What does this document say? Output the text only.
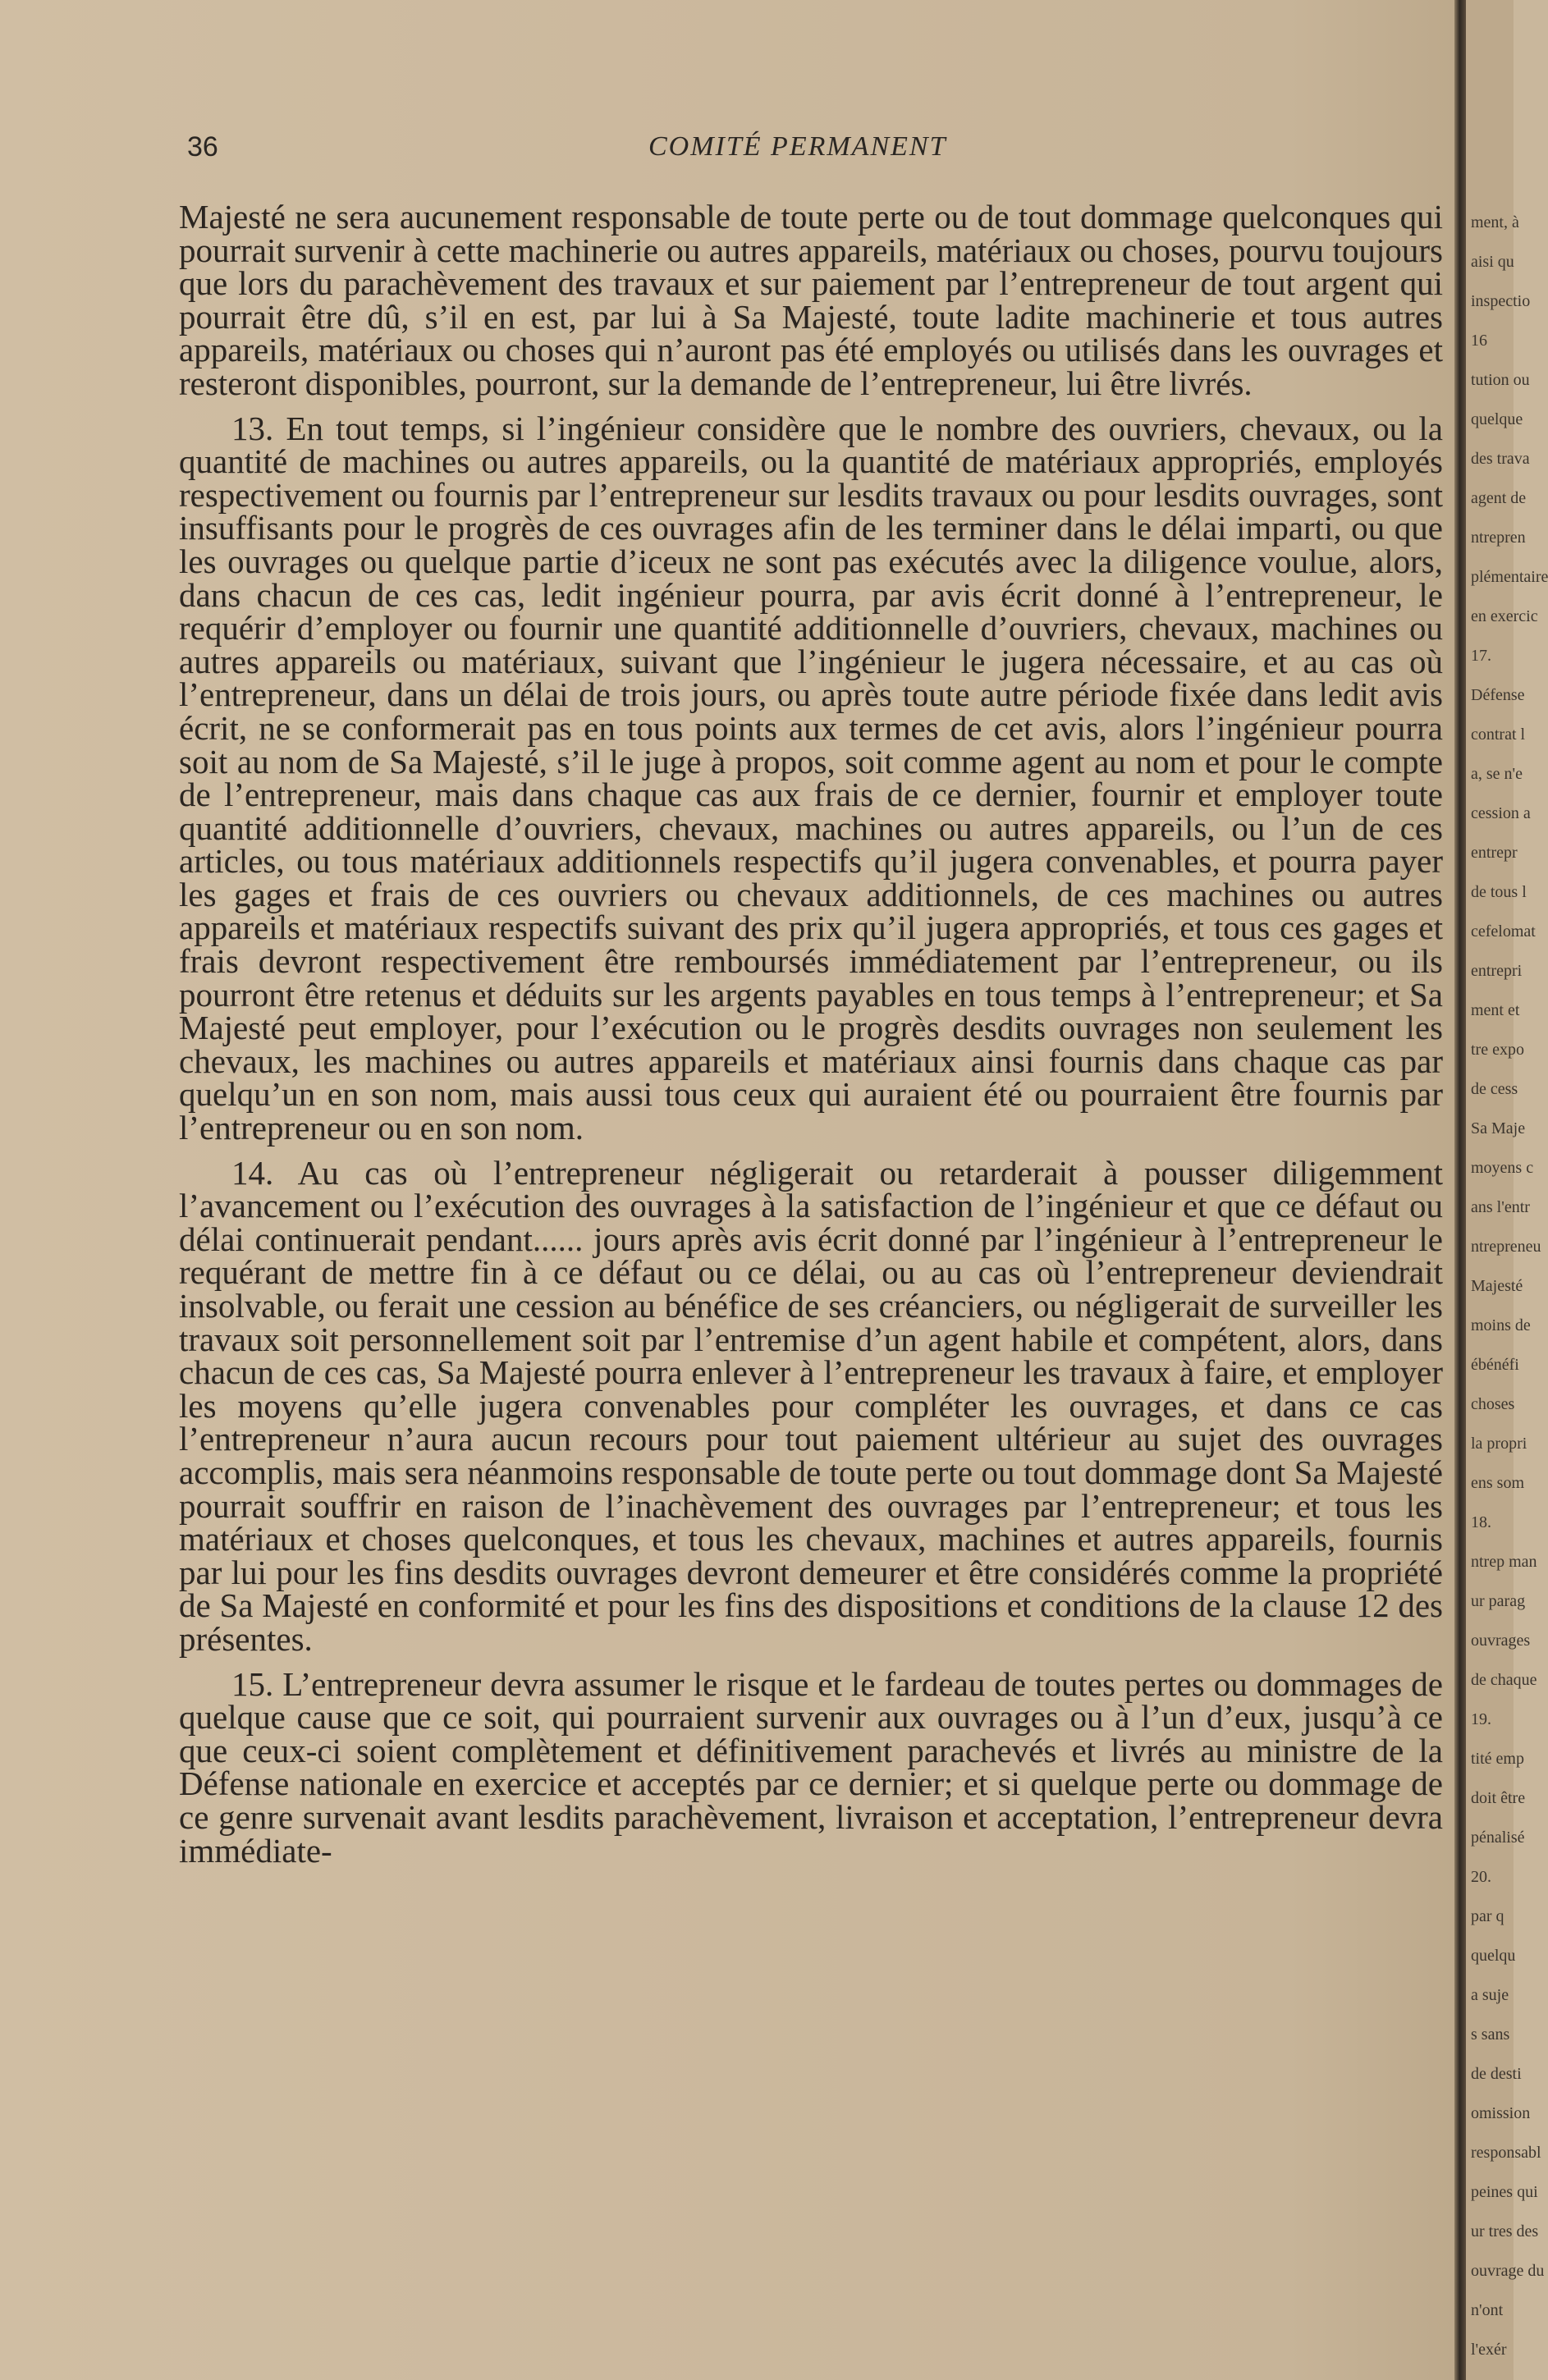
36	COMITÉ PERMANENT

Majesté ne sera aucunement responsable de toute perte ou de tout dommage quelconques qui pourrait survenir à cette machinerie ou autres appareils, matériaux ou choses, pourvu toujours que lors du parachèvement des travaux et sur paiement par l’entrepreneur de tout argent qui pourrait être dû, s’il en est, par lui à Sa Majesté, toute ladite machinerie et tous autres appareils, matériaux ou choses qui n’auront pas été employés ou utilisés dans les ouvrages et resteront disponibles, pourront, sur la demande de l’entrepreneur, lui être livrés.

13. En tout temps, si l’ingénieur considère que le nombre des ouvriers, chevaux, ou la quantité de machines ou autres appareils, ou la quantité de matériaux appropriés, employés respectivement ou fournis par l’entrepreneur sur lesdits travaux ou pour lesdits ouvrages, sont insuffisants pour le progrès de ces ouvrages afin de les terminer dans le délai imparti, ou que les ouvrages ou quelque partie d’iceux ne sont pas exécutés avec la diligence voulue, alors, dans chacun de ces cas, ledit ingénieur pourra, par avis écrit donné à l’entrepreneur, le requérir d’employer ou fournir une quantité additionnelle d’ouvriers, chevaux, machines ou autres appareils ou matériaux, suivant que l’ingénieur le jugera nécessaire, et au cas où l’entrepreneur, dans un délai de trois jours, ou après toute autre période fixée dans ledit avis écrit, ne se conformerait pas en tous points aux termes de cet avis, alors l’ingénieur pourra soit au nom de Sa Majesté, s’il le juge à propos, soit comme agent au nom et pour le compte de l’entrepreneur, mais dans chaque cas aux frais de ce dernier, fournir et employer toute quantité additionnelle d’ouvriers, chevaux, machines ou autres appareils, ou l’un de ces articles, ou tous matériaux additionnels respectifs qu’il jugera convenables, et pourra payer les gages et frais de ces ouvriers ou chevaux additionnels, de ces machines ou autres appareils et matériaux respectifs suivant des prix qu’il jugera appropriés, et tous ces gages et frais devront respectivement être remboursés immédiatement par l’entrepreneur, ou ils pourront être retenus et déduits sur les argents payables en tous temps à l’entrepreneur; et Sa Majesté peut employer, pour l’exécution ou le progrès desdits ouvrages non seulement les chevaux, les machines ou autres appareils et matériaux ainsi fournis dans chaque cas par quelqu’un en son nom, mais aussi tous ceux qui auraient été ou pourraient être fournis par l’entrepreneur ou en son nom.

14. Au cas où l’entrepreneur négligerait ou retarderait à pousser diligemment l’avancement ou l’exécution des ouvrages à la satisfaction de l’ingénieur et que ce défaut ou délai continuerait pendant...... jours après avis écrit donné par l’ingénieur à l’entrepreneur le requérant de mettre fin à ce défaut ou ce délai, ou au cas où l’entrepreneur deviendrait insolvable, ou ferait une cession au bénéfice de ses créanciers, ou négligerait de surveiller les travaux soit personnellement soit par l’entremise d’un agent habile et compétent, alors, dans chacun de ces cas, Sa Majesté pourra enlever à l’entrepreneur les travaux à faire, et employer les moyens qu’elle jugera convenables pour compléter les ouvrages, et dans ce cas l’entrepreneur n’aura aucun recours pour tout paiement ultérieur au sujet des ouvrages accomplis, mais sera néanmoins responsable de toute perte ou tout dommage dont Sa Majesté pourrait souffrir en raison de l’inachèvement des ouvrages par l’entrepreneur; et tous les matériaux et choses quelconques, et tous les chevaux, machines et autres appareils, fournis par lui pour les fins desdits ouvrages devront demeurer et être considérés comme la propriété de Sa Majesté en conformité et pour les fins des dispositions et conditions de la clause 12 des présentes.

15. L’entrepreneur devra assumer le risque et le fardeau de toutes pertes ou dommages de quelque cause que ce soit, qui pourraient survenir aux ouvrages ou à l’un d’eux, jusqu’à ce que ceux-ci soient complètement et définitivement parachevés et livrés au ministre de la Défense nationale en exercice et acceptés par ce dernier; et si quelque perte ou dommage de ce genre survenait avant lesdits parachèvement, livraison et acceptation, l’entrepreneur devra immédiate-

ment, à
aisi qu
inspectio
16
tution ou
quelque
des trava
agent de
ntrepren
plémentaire
en exercic
17.
Défense
contrat l
a, se n'e
cession a
entrepr
de tous l
cefelomat
entrepri
ment et
tre expo
de cess
Sa Maje
moyens c
ans l'entr
ntrepreneu
Majesté
moins de
ébénéfi
choses
la propri
ens som
18.
ntrep man
ur parag
ouvrages
de chaque
19.
tité emp
doit être
pénalisé
20.
par q
quelqu
a suje
s sans
de desti
omission
responsabl
peines qui
ur tres des
ouvrage du
n'ont
l'exér
